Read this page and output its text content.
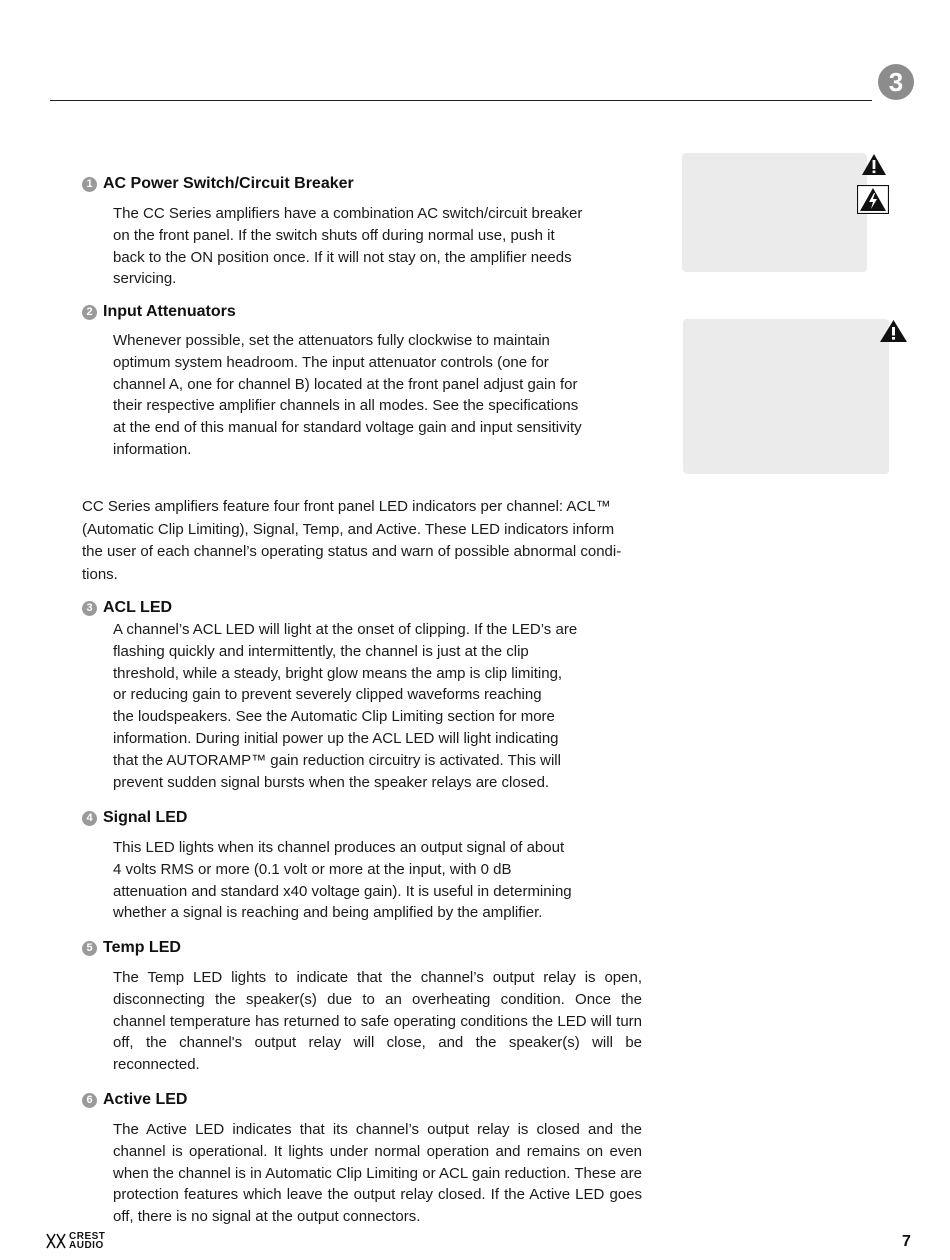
3
1 AC Power Switch/Circuit Breaker
The CC Series amplifiers have a combination AC switch/circuit breaker
on the front panel. If the switch shuts off during normal use, push it
back to the ON position once. If it will not stay on, the amplifier needs
servicing.
2 Input Attenuators
Whenever possible, set the attenuators fully clockwise to maintain
optimum system headroom. The input attenuator controls (one for
channel A, one for channel B) located at the front panel adjust gain for
their respective amplifier channels in all modes. See the specifications
at the end of this manual for standard voltage gain and input sensitivity
information.
CC Series amplifiers feature four front panel LED indicators per channel: ACL™
(Automatic Clip Limiting), Signal, Temp, and Active. These LED indicators inform
the user of each channel’s operating status and warn of possible abnormal condi-
tions.
3 ACL LED
A channel’s ACL LED will light at the onset of clipping. If the LED’s are
flashing quickly and intermittently, the channel is just at the clip
threshold, while a steady, bright glow means the amp is clip limiting,
or reducing gain to prevent severely clipped waveforms reaching
the loudspeakers. See the Automatic Clip Limiting section for more
information. During initial power up the ACL LED will light indicating
that the AUTORAMP™ gain reduction circuitry is activated. This will
prevent sudden signal bursts when the speaker relays are closed.
4 Signal LED
This LED lights when its channel produces an output signal of about
4 volts RMS or more (0.1 volt or more at the input, with 0 dB
attenuation and standard x40 voltage gain). It is useful in determining
whether a signal is reaching and being amplified by the amplifier.
5 Temp LED
The Temp LED lights to indicate that the channel’s output relay is open, disconnecting the speaker(s) due to an overheating condition. Once the channel temperature has returned to safe operating conditions the LED will turn off, the channel's output relay will close, and the speaker(s) will be reconnected.
6 Active LED
The Active LED indicates that its channel’s output relay is closed and the channel is operational. It lights under normal operation and remains on even when the channel is in Automatic Clip Limiting or ACL gain reduction. These are protection features which leave the output relay closed. If the Active LED goes off, there is no signal at the output connectors.
CREST
AUDIO	7
